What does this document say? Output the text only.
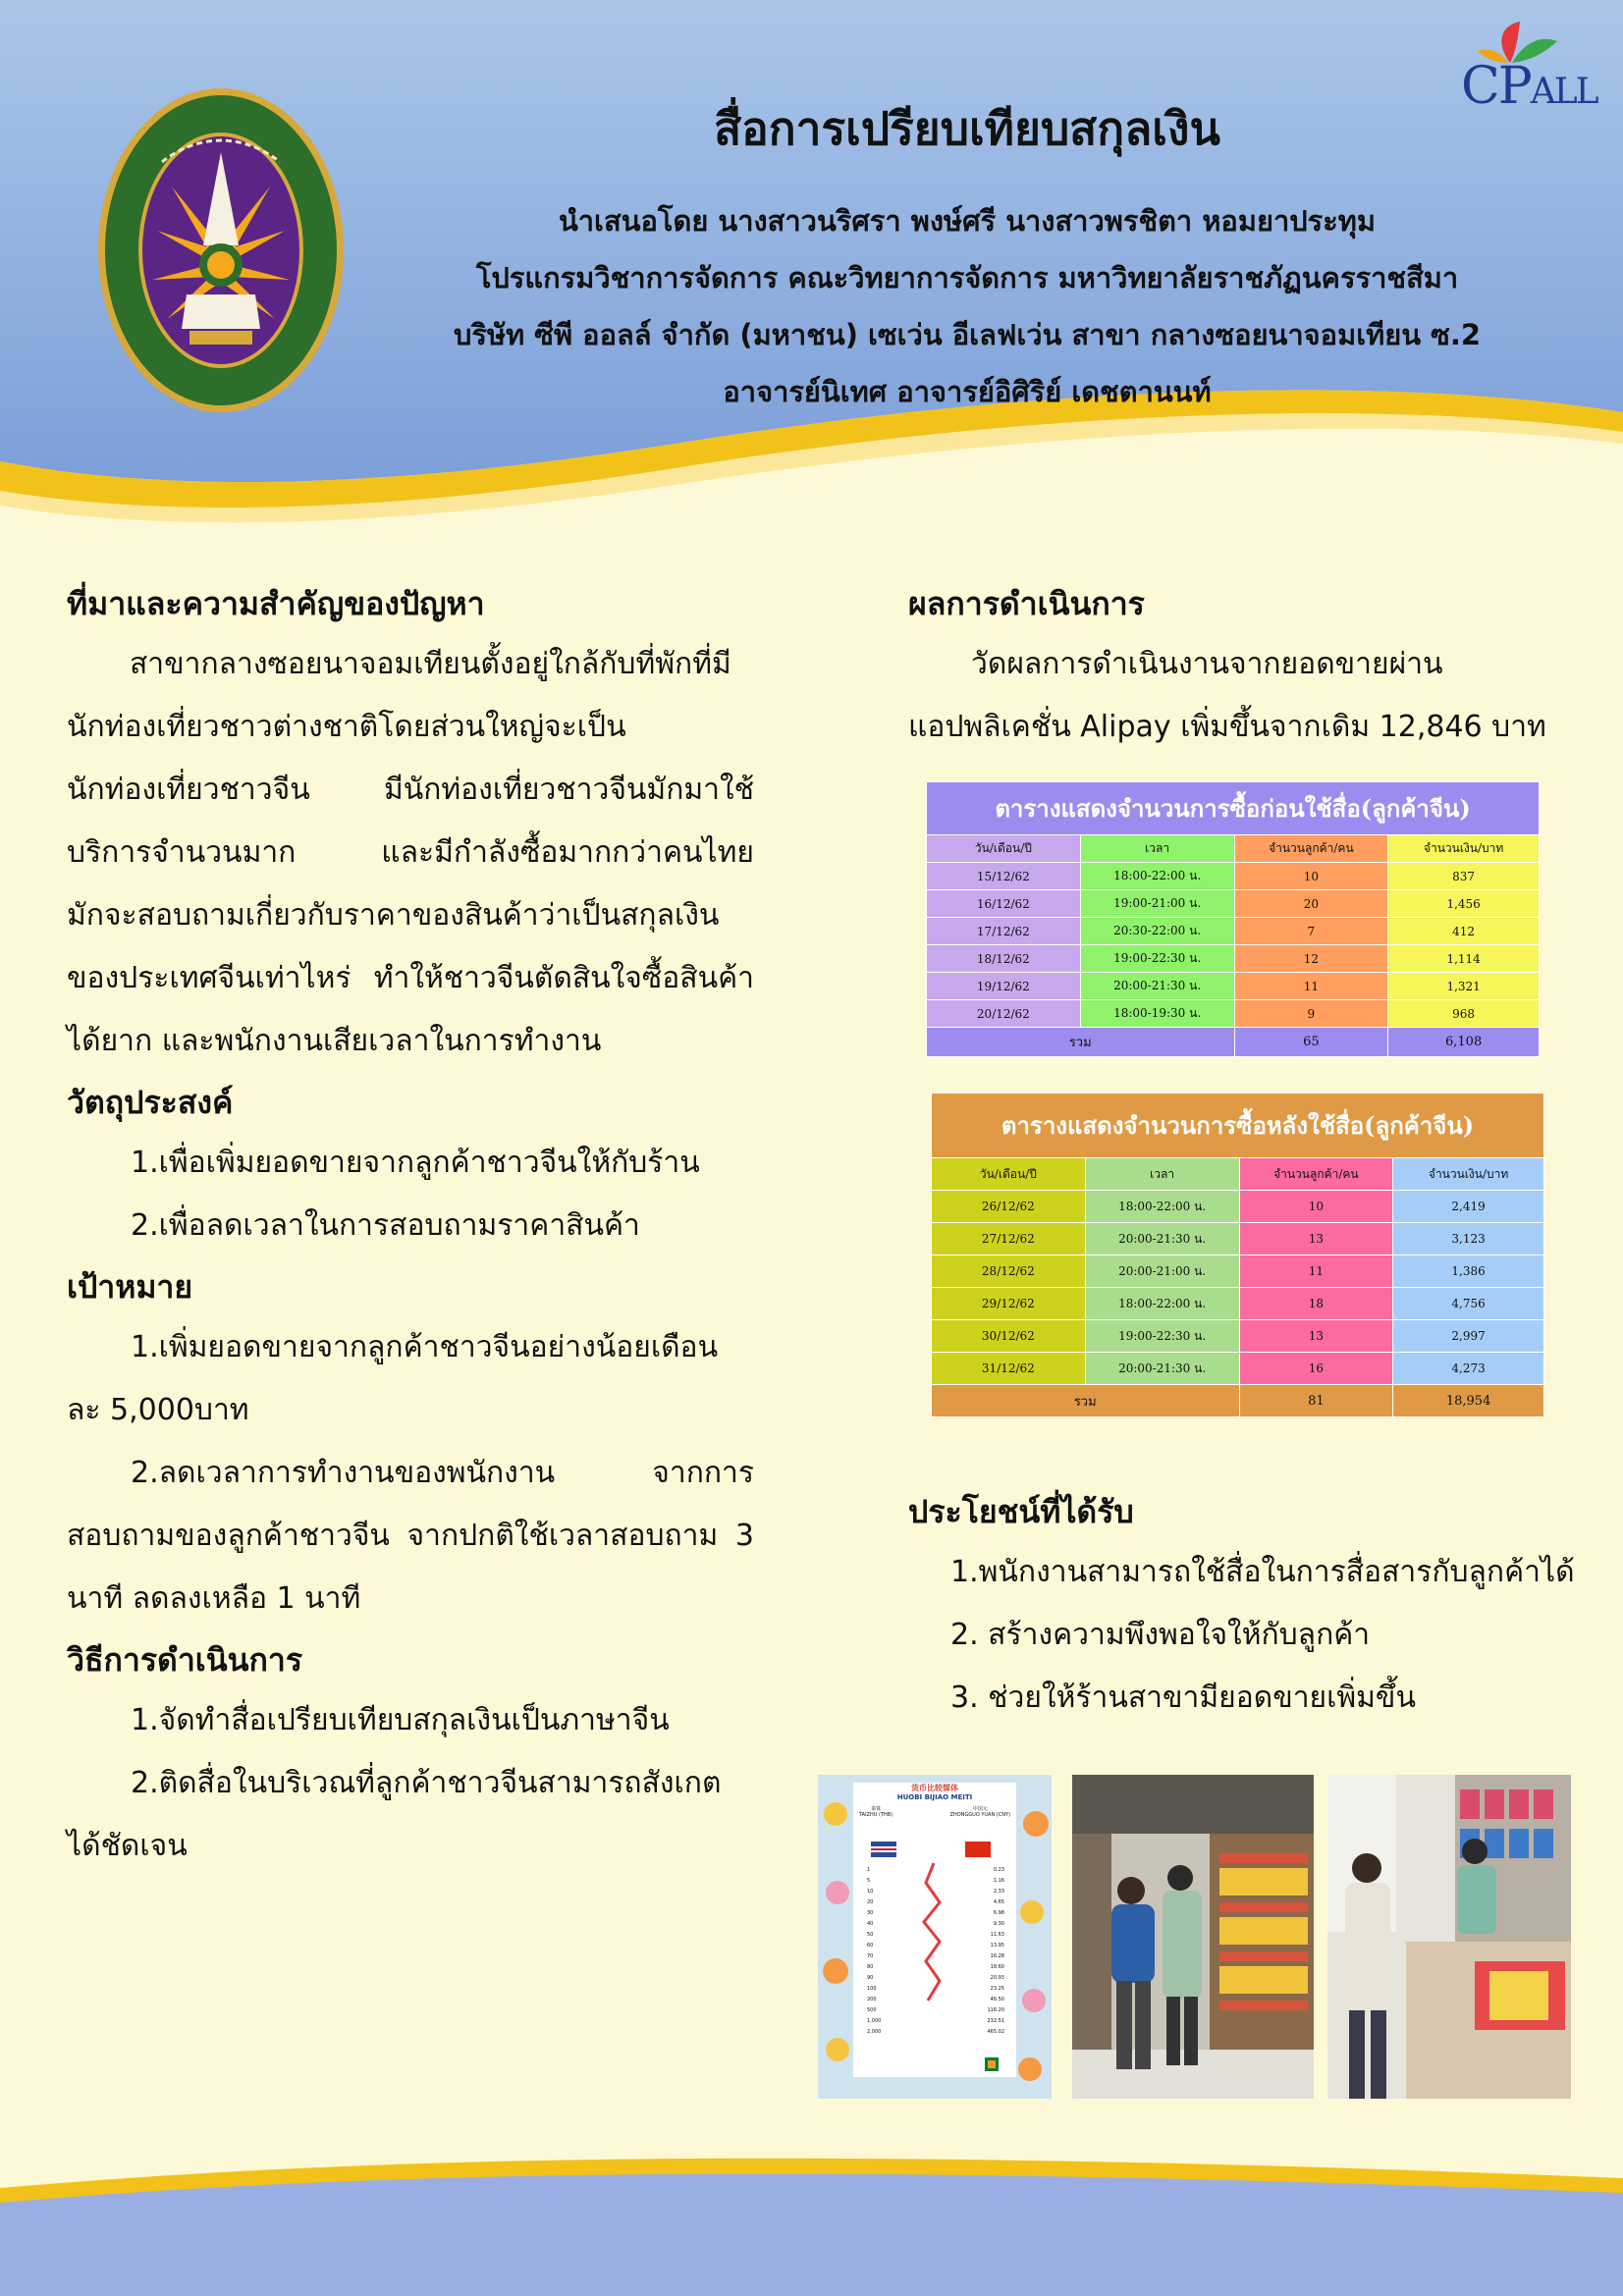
CPALL

สื่อการเปรียบเทียบสกุลเงิน

นำเสนอโดย นางสาวนริศรา พงษ์ศรี นางสาวพรชิตา หอมยาประทุม

โปรแกรมวิชาการจัดการ คณะวิทยาการจัดการ มหาวิทยาลัยราชภัฏนครราชสีมา

บริษัท ซีพี ออลล์ จำกัด (มหาชน) เซเว่น อีเลฟเว่น สาขา กลางซอยนาจอมเทียน ซ.2

อาจารย์นิเทศ อาจารย์อิศิริย์ เดชตานนท์

ที่มาและความสำคัญของปัญหา

สาขากลางซอยนาจอมเทียนตั้งอยู่ใกล้กับที่พักที่มี

นักท่องเที่ยวชาวต่างชาติโดยส่วนใหญ่จะเป็น

นักท่องเที่ยวชาวจีน มีนักท่องเที่ยวชาวจีนมักมาใช้

บริการจำนวนมาก และมีกำลังซื้อมากกว่าคนไทย

มักจะสอบถามเกี่ยวกับราคาของสินค้าว่าเป็นสกุลเงิน

ของประเทศจีนเท่าไหร่ ทำให้ชาวจีนตัดสินใจซื้อสินค้า

ได้ยาก และพนักงานเสียเวลาในการทำงาน

วัตถุประสงค์

1.เพื่อเพิ่มยอดขายจากลูกค้าชาวจีนให้กับร้าน

2.เพื่อลดเวลาในการสอบถามราคาสินค้า

เป้าหมาย

1.เพิ่มยอดขายจากลูกค้าชาวจีนอย่างน้อยเดือน

ละ 5,000บาท

2.ลดเวลาการทำงานของพนักงาน จากการ

สอบถามของลูกค้าชาวจีน จากปกติใช้เวลาสอบถาม 3

นาที ลดลงเหลือ 1 นาที

วิธีการดำเนินการ

1.จัดทำสื่อเปรียบเทียบสกุลเงินเป็นภาษาจีน

2.ติดสื่อในบริเวณที่ลูกค้าชาวจีนสามารถสังเกต

ได้ชัดเจน

ผลการดำเนินการ

วัดผลการดำเนินงานจากยอดขายผ่าน

แอปพลิเคชั่น Alipay เพิ่มขึ้นจากเดิม 12,846 บาท

ประโยชน์ที่ได้รับ

1.พนักงานสามารถใช้สื่อในการสื่อสารกับลูกค้าได้

2. สร้างความพึงพอใจให้กับลูกค้า

3. ช่วยให้ร้านสาขามียอดขายเพิ่มขึ้น

ตารางแสดงจำนวนการซื้อก่อนใช้สื่อ(ลูกค้าจีน)			
วัน/เดือน/ปี	เวลา	จำนวนลูกค้า/คน	จำนวนเงิน/บาท
15/12/62	18:00-22:00 น.	10	837
16/12/62	19:00-21:00 น.	20	1,456
17/12/62	20:30-22:00 น.	7	412
18/12/62	19:00-22:30 น.	12	1,114
19/12/62	20:00-21:30 น.	11	1,321
20/12/62	18:00-19:30 น.	9	968
รวม		65	6,108
ตารางแสดงจำนวนการซื้อหลังใช้สื่อ(ลูกค้าจีน)			
วัน/เดือน/ปี	เวลา	จำนวนลูกค้า/คน	จำนวนเงิน/บาท
26/12/62	18:00-22:00 น.	10	2,419
27/12/62	20:00-21:30 น.	13	3,123
28/12/62	20:00-21:00 น.	11	1,386
29/12/62	18:00-22:00 น.	18	4,756
30/12/62	19:00-22:30 น.	13	2,997
31/12/62	20:00-21:30 น.	16	4,273
รวม		81	18,954
货币比较媒体
HUOBI BIJIAO MEITI
泰铢
TAIZHU (THB)
中国元
ZHONGGUO YUAN (CNY)
1	0.23
5	1.16
10	2.33
20	4.65
30	6.98
40	9.30
50	11.63
60	13.95
70	16.28
80	18.60
90	20.93
100	23.25
200	46.50
500	116.20
1,000	232.51
2,000	465.02
